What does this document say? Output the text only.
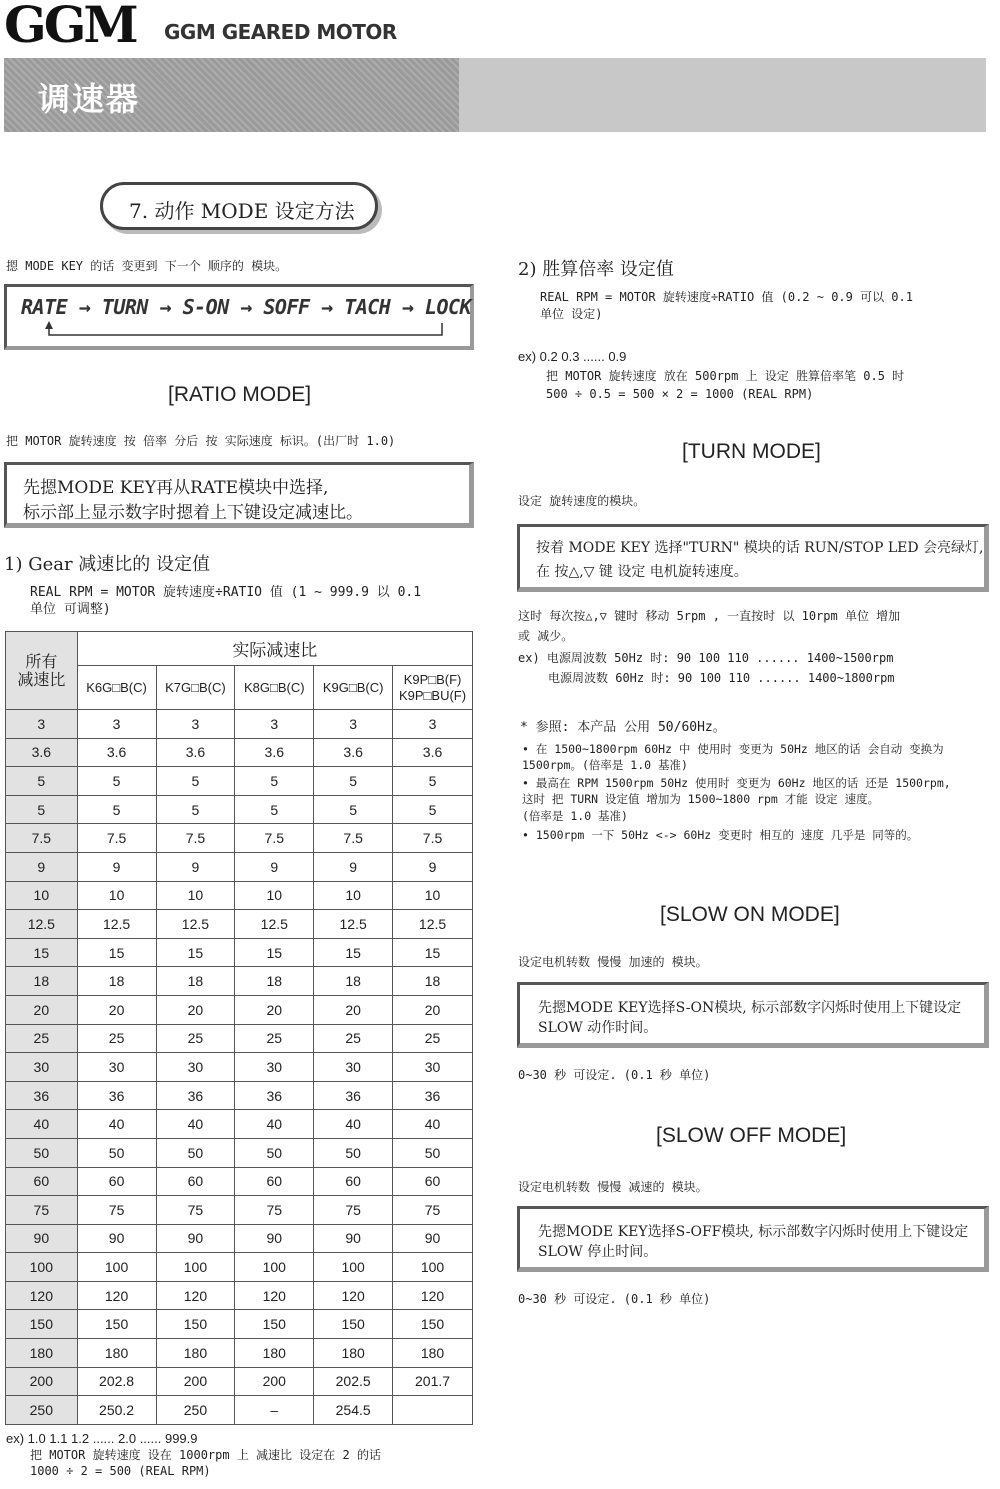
GGM GGM GEARED MOTOR
调速器
7. 动作 MODE 设定方法
摁 MODE KEY 的话 变更到 下一个 顺序的 模块。
RATE → TURN → S-ON → SOFF → TACH → LOCK
[RATIO MODE]
把 MOTOR 旋转速度 按 倍率 分后 按 实际速度 标识。(出厂时 1.0)
先摁MODE KEY再从RATE模块中选择,
标示部上显示数字时摁着上下键设定减速比。
1) Gear 减速比的 设定值
REAL RPM = MOTOR 旋转速度÷RATIO 值 (1 ~ 999.9 以 0.1
单位 可调整)
所有
减速比	实际减速比				

	K6G□B(C)	K7G□B(C)	K8G□B(C)	K9G□B(C)	K9P□B(F)
K9P□BU(F)

3	3	3	3	3	3
3.6	3.6	3.6	3.6	3.6	3.6
5	5	5	5	5	5
5	5	5	5	5	5
7.5	7.5	7.5	7.5	7.5	7.5
9	9	9	9	9	9
10	10	10	10	10	10
12.5	12.5	12.5	12.5	12.5	12.5
15	15	15	15	15	15
18	18	18	18	18	18
20	20	20	20	20	20
25	25	25	25	25	25
30	30	30	30	30	30
36	36	36	36	36	36
40	40	40	40	40	40
50	50	50	50	50	50
60	60	60	60	60	60
75	75	75	75	75	75
90	90	90	90	90	90
100	100	100	100	100	100
120	120	120	120	120	120
150	150	150	150	150	150
180	180	180	180	180	180
200	202.8	200	200	202.5	201.7
250	250.2	250	–	254.5	
ex) 1.0 1.1 1.2 ...... 2.0 ...... 999.9
把 MOTOR 旋转速度 设在 1000rpm 上 减速比 设定在 2 的话
1000 ÷ 2 = 500 (REAL RPM)
2) 胜算倍率 设定值
REAL RPM = MOTOR 旋转速度÷RATIO 值 (0.2 ~ 0.9 可以 0.1
单位 设定)
ex) 0.2 0.3 ...... 0.9
把 MOTOR 旋转速度 放在 500rpm 上 设定 胜算倍率笔 0.5 时
500 ÷ 0.5 = 500 × 2 = 1000 (REAL RPM)
[TURN MODE]
设定 旋转速度的模块。
按着 MODE KEY 选择"TURN" 模块的话 RUN/STOP LED 会亮绿灯,
在 按△,▽ 键 设定 电机旋转速度。
这时 每次按△,▽ 键时 移动 5rpm , 一直按时 以 10rpm 单位 增加
或 减少。
ex) 电源周波数 50Hz 时: 90 100 110 ...... 1400~1500rpm
电源周波数 60Hz 时: 90 100 110 ...... 1400~1800rpm
* 参照: 本产品 公用 50/60Hz。
• 在 1500~1800rpm 60Hz 中 使用时 变更为 50Hz 地区的话 会自动 变换为
1500rpm。(倍率是 1.0 基准)
• 最高在 RPM 1500rpm 50Hz 使用时 变更为 60Hz 地区的话 还是 1500rpm,
这时 把 TURN 设定值 增加为 1500~1800 rpm 才能 设定 速度。
(倍率是 1.0 基准)
• 1500rpm 一下 50Hz <-> 60Hz 变更时 相互的 速度 几乎是 同等的。
[SLOW ON MODE]
设定电机转数 慢慢 加速的 模块。
先摁MODE KEY选择S-ON模块, 标示部数字闪烁时使用上下键设定
SLOW 动作时间。
0~30 秒 可设定. (0.1 秒 单位)
[SLOW OFF MODE]
设定电机转数 慢慢 减速的 模块。
先摁MODE KEY选择S-OFF模块, 标示部数字闪烁时使用上下键设定
SLOW 停止时间。
0~30 秒 可设定. (0.1 秒 单位)
